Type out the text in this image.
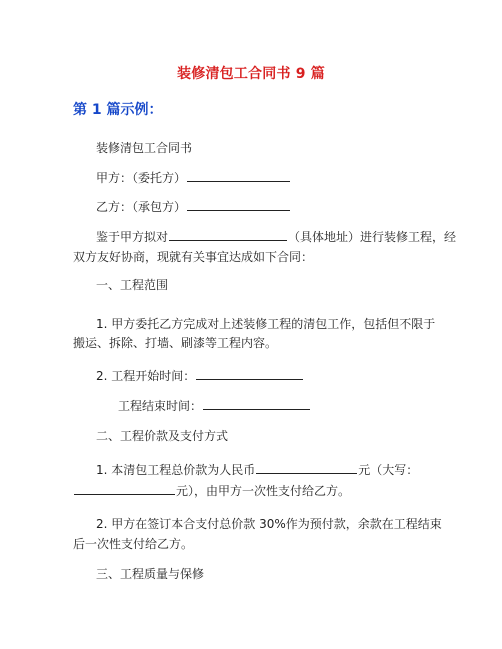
装修清包工合同书 9 篇
第 1 篇示例：
装修清包工合同书
甲方：（委托方）
乙方：（承包方）
鉴于甲方拟对	（具体地址）进行装修工程，经
双方友好协商，现就有关事宜达成如下合同：
一、工程范围
1. 甲方委托乙方完成对上述装修工程的清包工作，包括但不限于
搬运、拆除、打墙、刷漆等工程内容。
2. 工程开始时间：
工程结束时间：
二、工程价款及支付方式
1. 本清包工程总价款为人民币	元（大写：
元），由甲方一次性支付给乙方。
2. 甲方在签订本合支付总价款 30%作为预付款，余款在工程结束
后一次性支付给乙方。
三、工程质量与保修
